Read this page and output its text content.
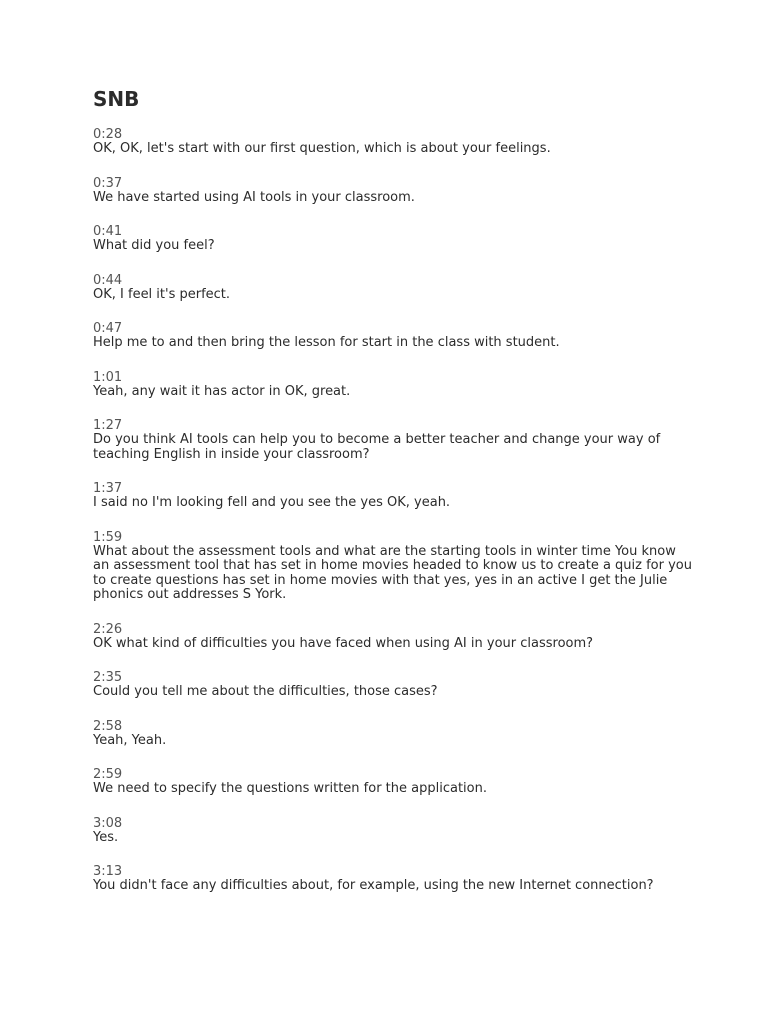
SNB
0:28
OK, OK, let's start with our first question, which is about your feelings.
0:37
We have started using AI tools in your classroom.
0:41
What did you feel?
0:44
OK, I feel it's perfect.
0:47
Help me to and then bring the lesson for start in the class with student.
1:01
Yeah, any wait it has actor in OK, great.
1:27
Do you think AI tools can help you to become a better teacher and change your way of teaching English in inside your classroom?
1:37
I said no I'm looking fell and you see the yes OK, yeah.
1:59
What about the assessment tools and what are the starting tools in winter time You know an assessment tool that has set in home movies headed to know us to create a quiz for you to create questions has set in home movies with that yes, yes in an active I get the Julie phonics out addresses S York.
2:26
OK what kind of difficulties you have faced when using AI in your classroom?
2:35
Could you tell me about the difficulties, those cases?
2:58
Yeah, Yeah.
2:59
We need to specify the questions written for the application.
3:08
Yes.
3:13
You didn't face any difficulties about, for example, using the new Internet connection?
